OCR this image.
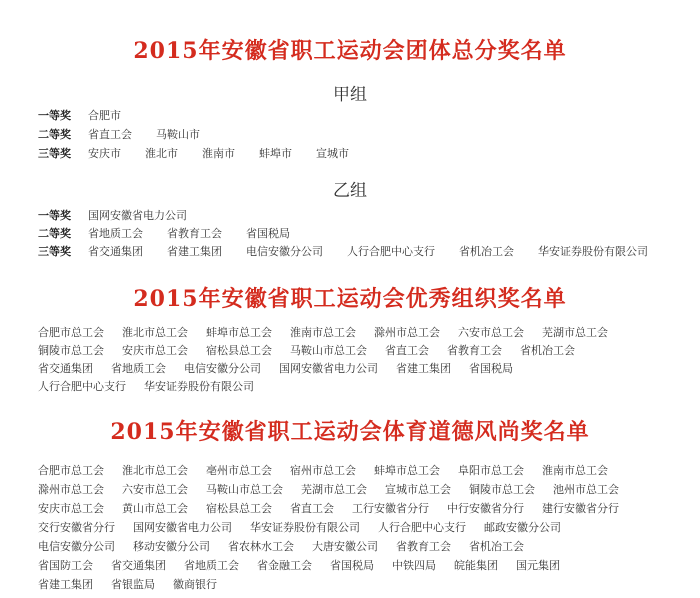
2015年安徽省职工运动会团体总分奖名单
甲组
一等奖 合肥市
二等奖 省直工会 马鞍山市
三等奖 安庆市 淮北市 淮南市 蚌埠市 宣城市
乙组
一等奖 国网安徽省电力公司
二等奖 省地质工会 省教育工会 省国税局
三等奖 省交通集团 省建工集团 电信安徽分公司 人行合肥中心支行 省机冶工会 华安证券股份有限公司
2015年安徽省职工运动会优秀组织奖名单
合肥市总工会 淮北市总工会 蚌埠市总工会 淮南市总工会 滁州市总工会 六安市总工会 芜湖市总工会
铜陵市总工会 安庆市总工会 宿松县总工会 马鞍山市总工会 省直工会 省教育工会 省机冶工会
省交通集团 省地质工会 电信安徽分公司 国网安徽省电力公司 省建工集团 省国税局
人行合肥中心支行 华安证券股份有限公司
2015年安徽省职工运动会体育道德风尚奖名单
合肥市总工会 淮北市总工会 亳州市总工会 宿州市总工会 蚌埠市总工会 阜阳市总工会 淮南市总工会
滁州市总工会 六安市总工会 马鞍山市总工会 芜湖市总工会 宣城市总工会 铜陵市总工会 池州市总工会
安庆市总工会 黄山市总工会 宿松县总工会 省直工会 工行安徽省分行 中行安徽省分行 建行安徽省分行
交行安徽省分行 国网安徽省电力公司 华安证券股份有限公司 人行合肥中心支行 邮政安徽分公司
电信安徽分公司 移动安徽分公司 省农林水工会 大唐安徽公司 省教育工会 省机冶工会
省国防工会 省交通集团 省地质工会 省金融工会 省国税局 中铁四局 皖能集团 国元集团
省建工集团 省银监局 徽商银行
